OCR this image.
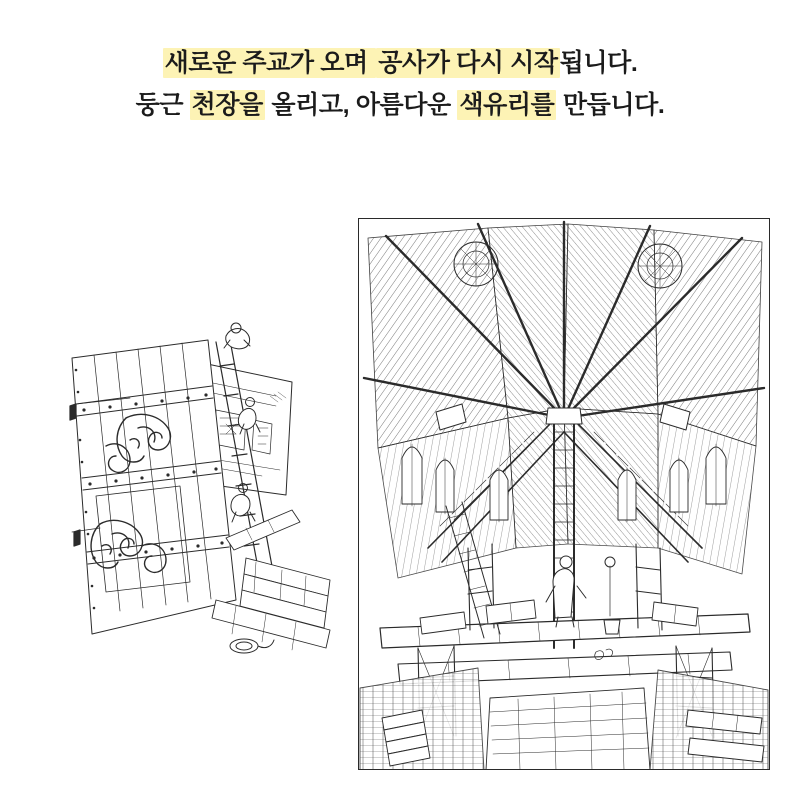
새로운 주교가 오며 공사가 다시 시작됩니다.
둥근 천장을 올리고, 아름다운 색유리를 만듭니다.
